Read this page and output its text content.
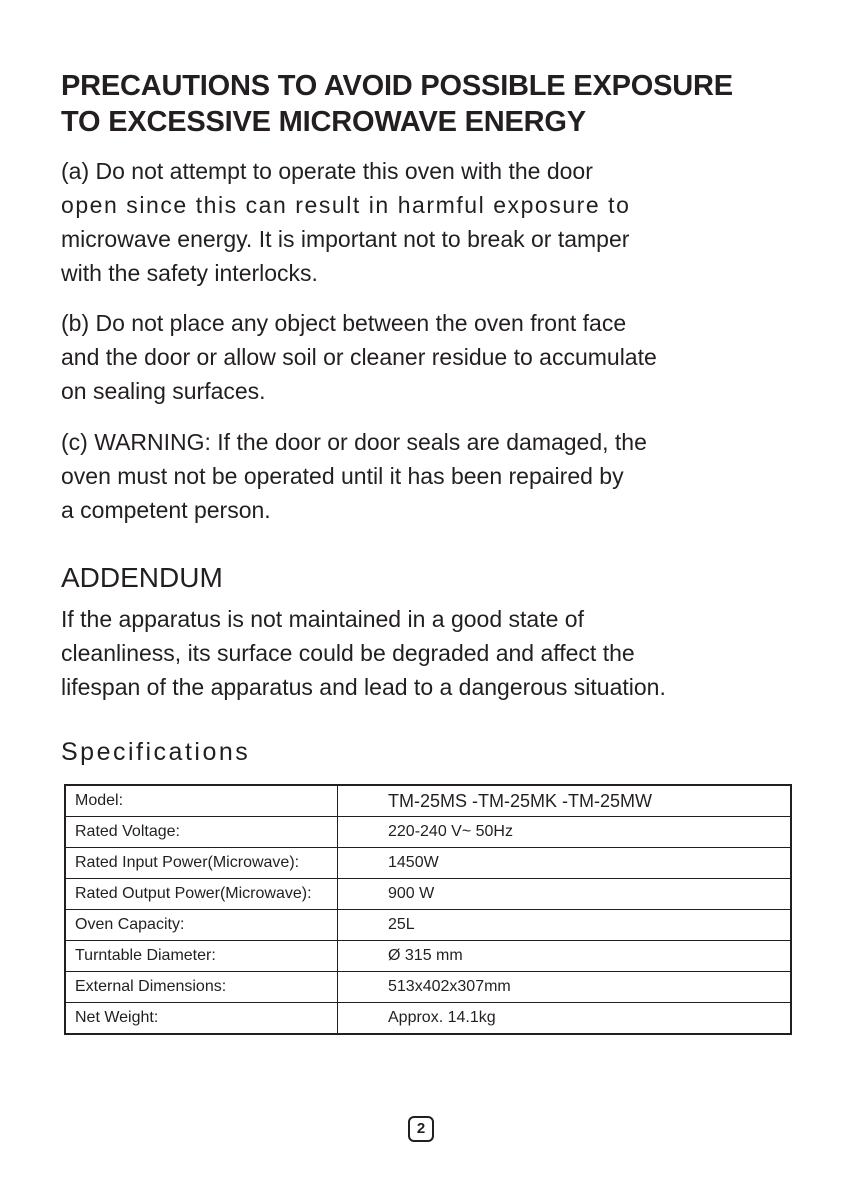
PRECAUTIONS TO AVOID POSSIBLE EXPOSURE
TO EXCESSIVE MICROWAVE ENERGY

(a) Do not attempt to operate this oven with the door
open since this can result in harmful exposure to
microwave energy. It is important not to break or tamper
with the safety interlocks.

(b) Do not place any object between the oven front face
and the door or allow soil or cleaner residue to accumulate
on sealing surfaces.

(c) WARNING: If the door or door seals are damaged, the
oven must not be operated until it has been repaired by
a competent person.

ADDENDUM

If the apparatus is not maintained in a good state of
cleanliness, its surface could be degraded and affect the
lifespan of the apparatus and lead to a dangerous situation.

Specifications
Model:	TM-25MS -TM-25MK -TM-25MW
Rated Voltage:	220-240 V~ 50Hz
Rated Input Power(Microwave):	1450W
Rated Output Power(Microwave):	900 W
Oven Capacity:	25L
Turntable Diameter:	Ø 315 mm
External Dimensions:	513x402x307mm
Net Weight:	Approx. 14.1kg
2
